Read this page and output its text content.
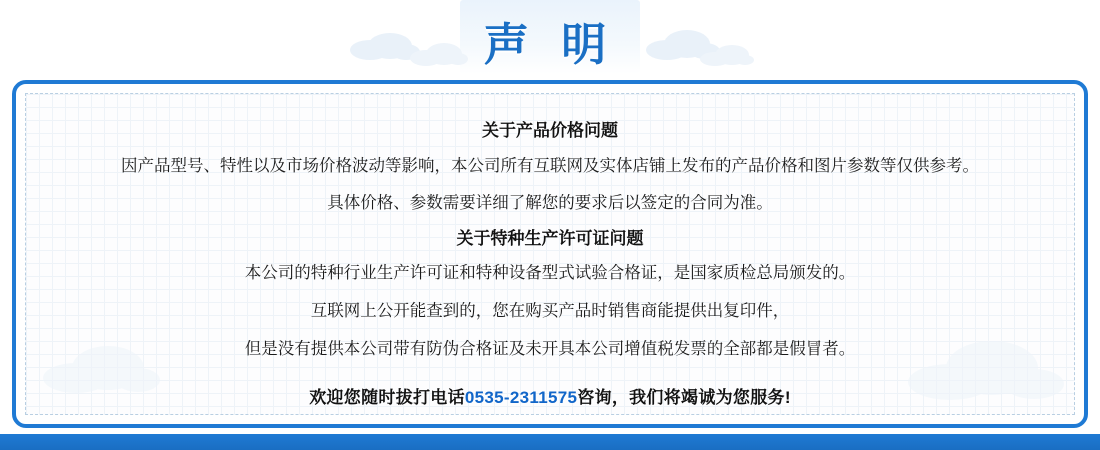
声 明
关于产品价格问题

因产品型号、特性以及市场价格波动等影响，本公司所有互联网及实体店铺上发布的产品价格和图片参数等仅供参考。

具体价格、参数需要详细了解您的要求后以签定的合同为准。

关于特种生产许可证问题

本公司的特种行业生产许可证和特种设备型式试验合格证，是国家质检总局颁发的。

互联网上公开能查到的，您在购买产品时销售商能提供出复印件，

但是没有提供本公司带有防伪合格证及未开具本公司增值税发票的全部都是假冒者。

欢迎您随时拔打电话0535-2311575咨询，我们将竭诚为您服务!
